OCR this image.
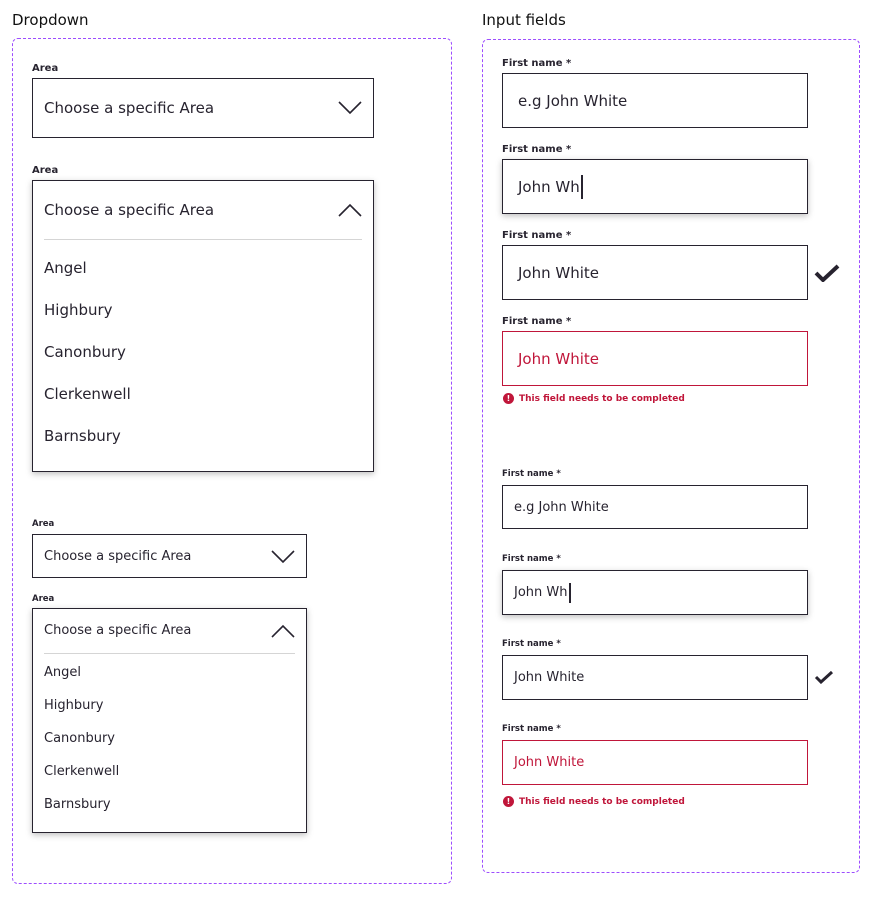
Dropdown	Input fields
Area
Choose a specific Area
Area
Choose a specific Area
Angel
Highbury
Canonbury
Clerkenwell
Barnsbury
Area
Choose a specific Area
Area
Choose a specific Area
Angel
Highbury
Canonbury
Clerkenwell
Barnsbury
First name *
e.g John White
First name *
John Wh
First name *
John White
First name *
John White
! This field needs to be completed
First name *
e.g John White
First name *
John Wh
First name *
John White
First name *
John White
! This field needs to be completed
